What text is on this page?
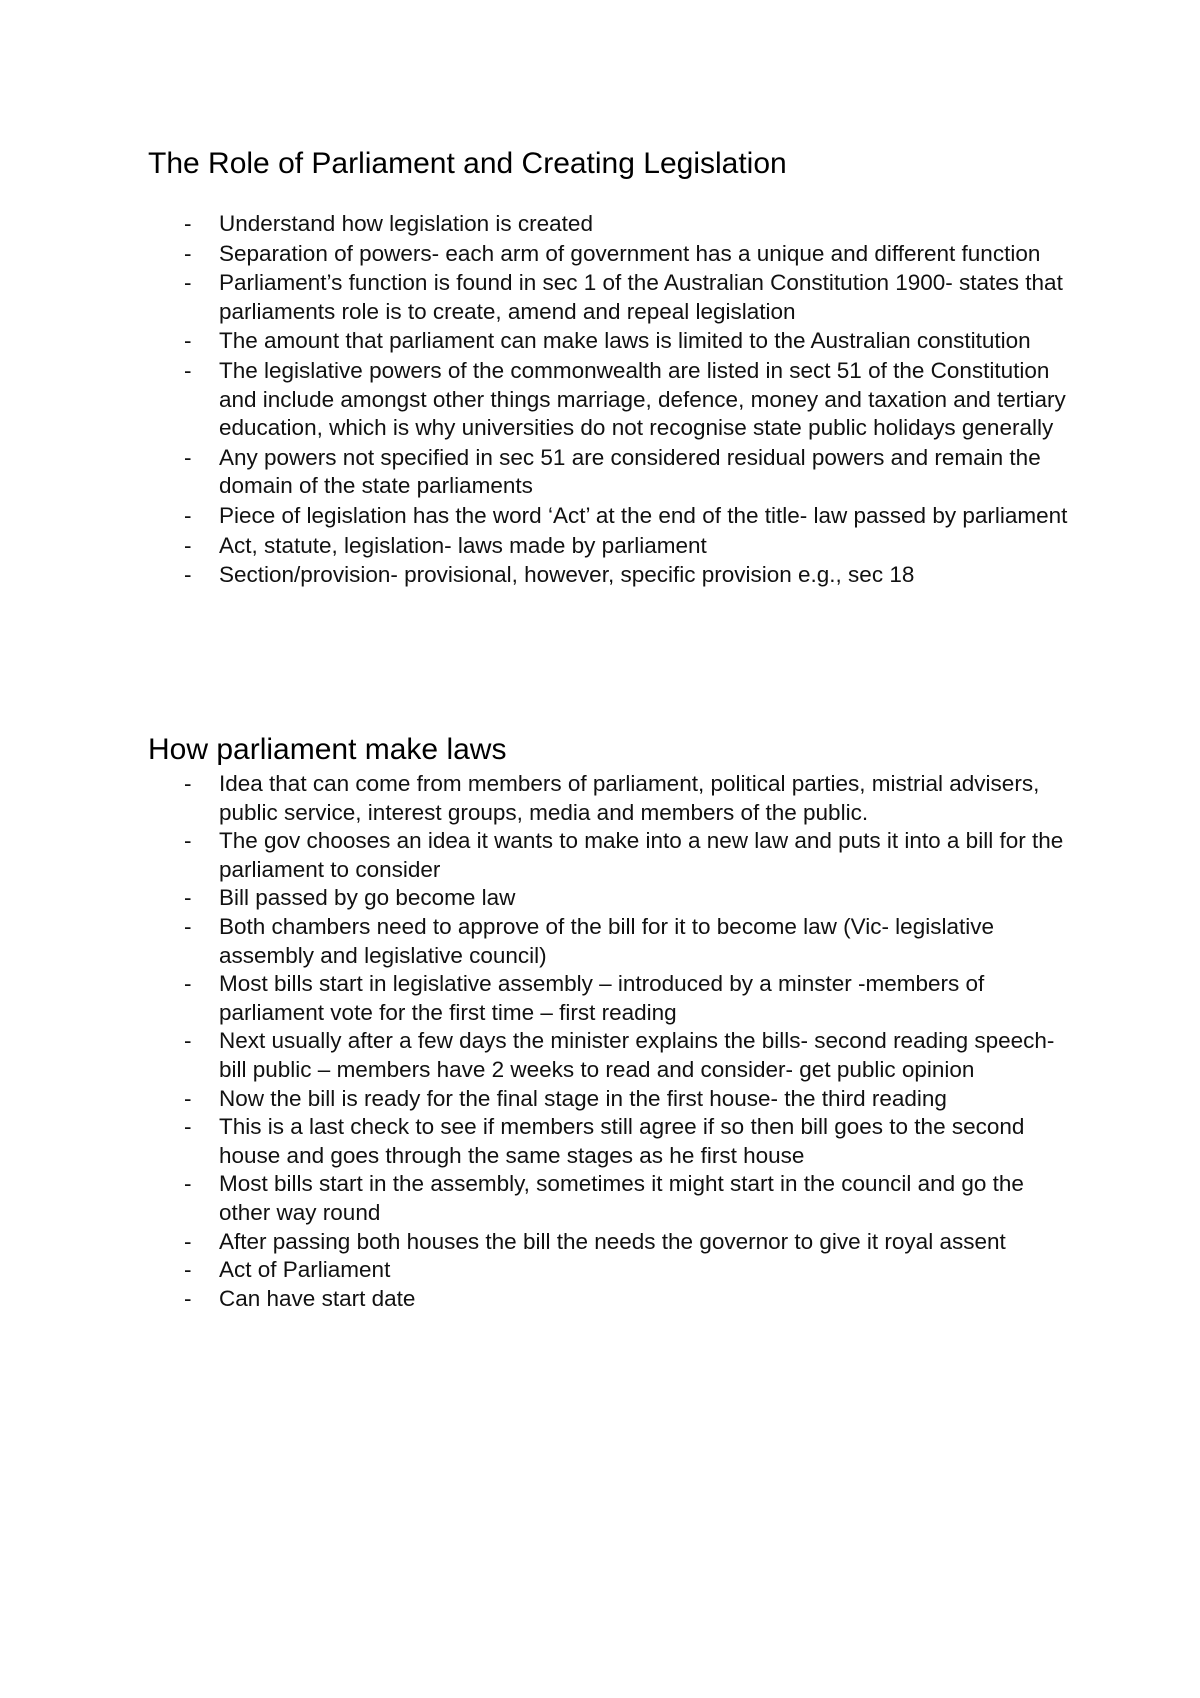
The Role of Parliament and Creating Legislation
- Understand how legislation is created
- Separation of powers- each arm of government has a unique and different function
- Parliament’s function is found in sec 1 of the Australian Constitution 1900- states that parliaments role is to create, amend and repeal legislation
- The amount that parliament can make laws is limited to the Australian constitution
- The legislative powers of the commonwealth are listed in sect 51 of the Constitution and include amongst other things marriage, defence, money and taxation and tertiary education, which is why universities do not recognise state public holidays generally
- Any powers not specified in sec 51 are considered residual powers and remain the domain of the state parliaments
- Piece of legislation has the word ‘Act’ at the end of the title- law passed by parliament
- Act, statute, legislation- laws made by parliament
- Section/provision- provisional, however, specific provision e.g., sec 18
How parliament make laws
- Idea that can come from members of parliament, political parties, mistrial advisers, public service, interest groups, media and members of the public.
- The gov chooses an idea it wants to make into a new law and puts it into a bill for the parliament to consider
- Bill passed by go become law
- Both chambers need to approve of the bill for it to become law (Vic- legislative assembly and legislative council)
- Most bills start in legislative assembly – introduced by a minster -members of parliament vote for the first time – first reading
- Next usually after a few days the minister explains the bills- second reading speech- bill public – members have 2 weeks to read and consider- get public opinion
- Now the bill is ready for the final stage in the first house- the third reading
- This is a last check to see if members still agree if so then bill goes to the second house and goes through the same stages as he first house
- Most bills start in the assembly, sometimes it might start in the council and go the other way round
- After passing both houses the bill the needs the governor to give it royal assent
- Act of Parliament
- Can have start date
